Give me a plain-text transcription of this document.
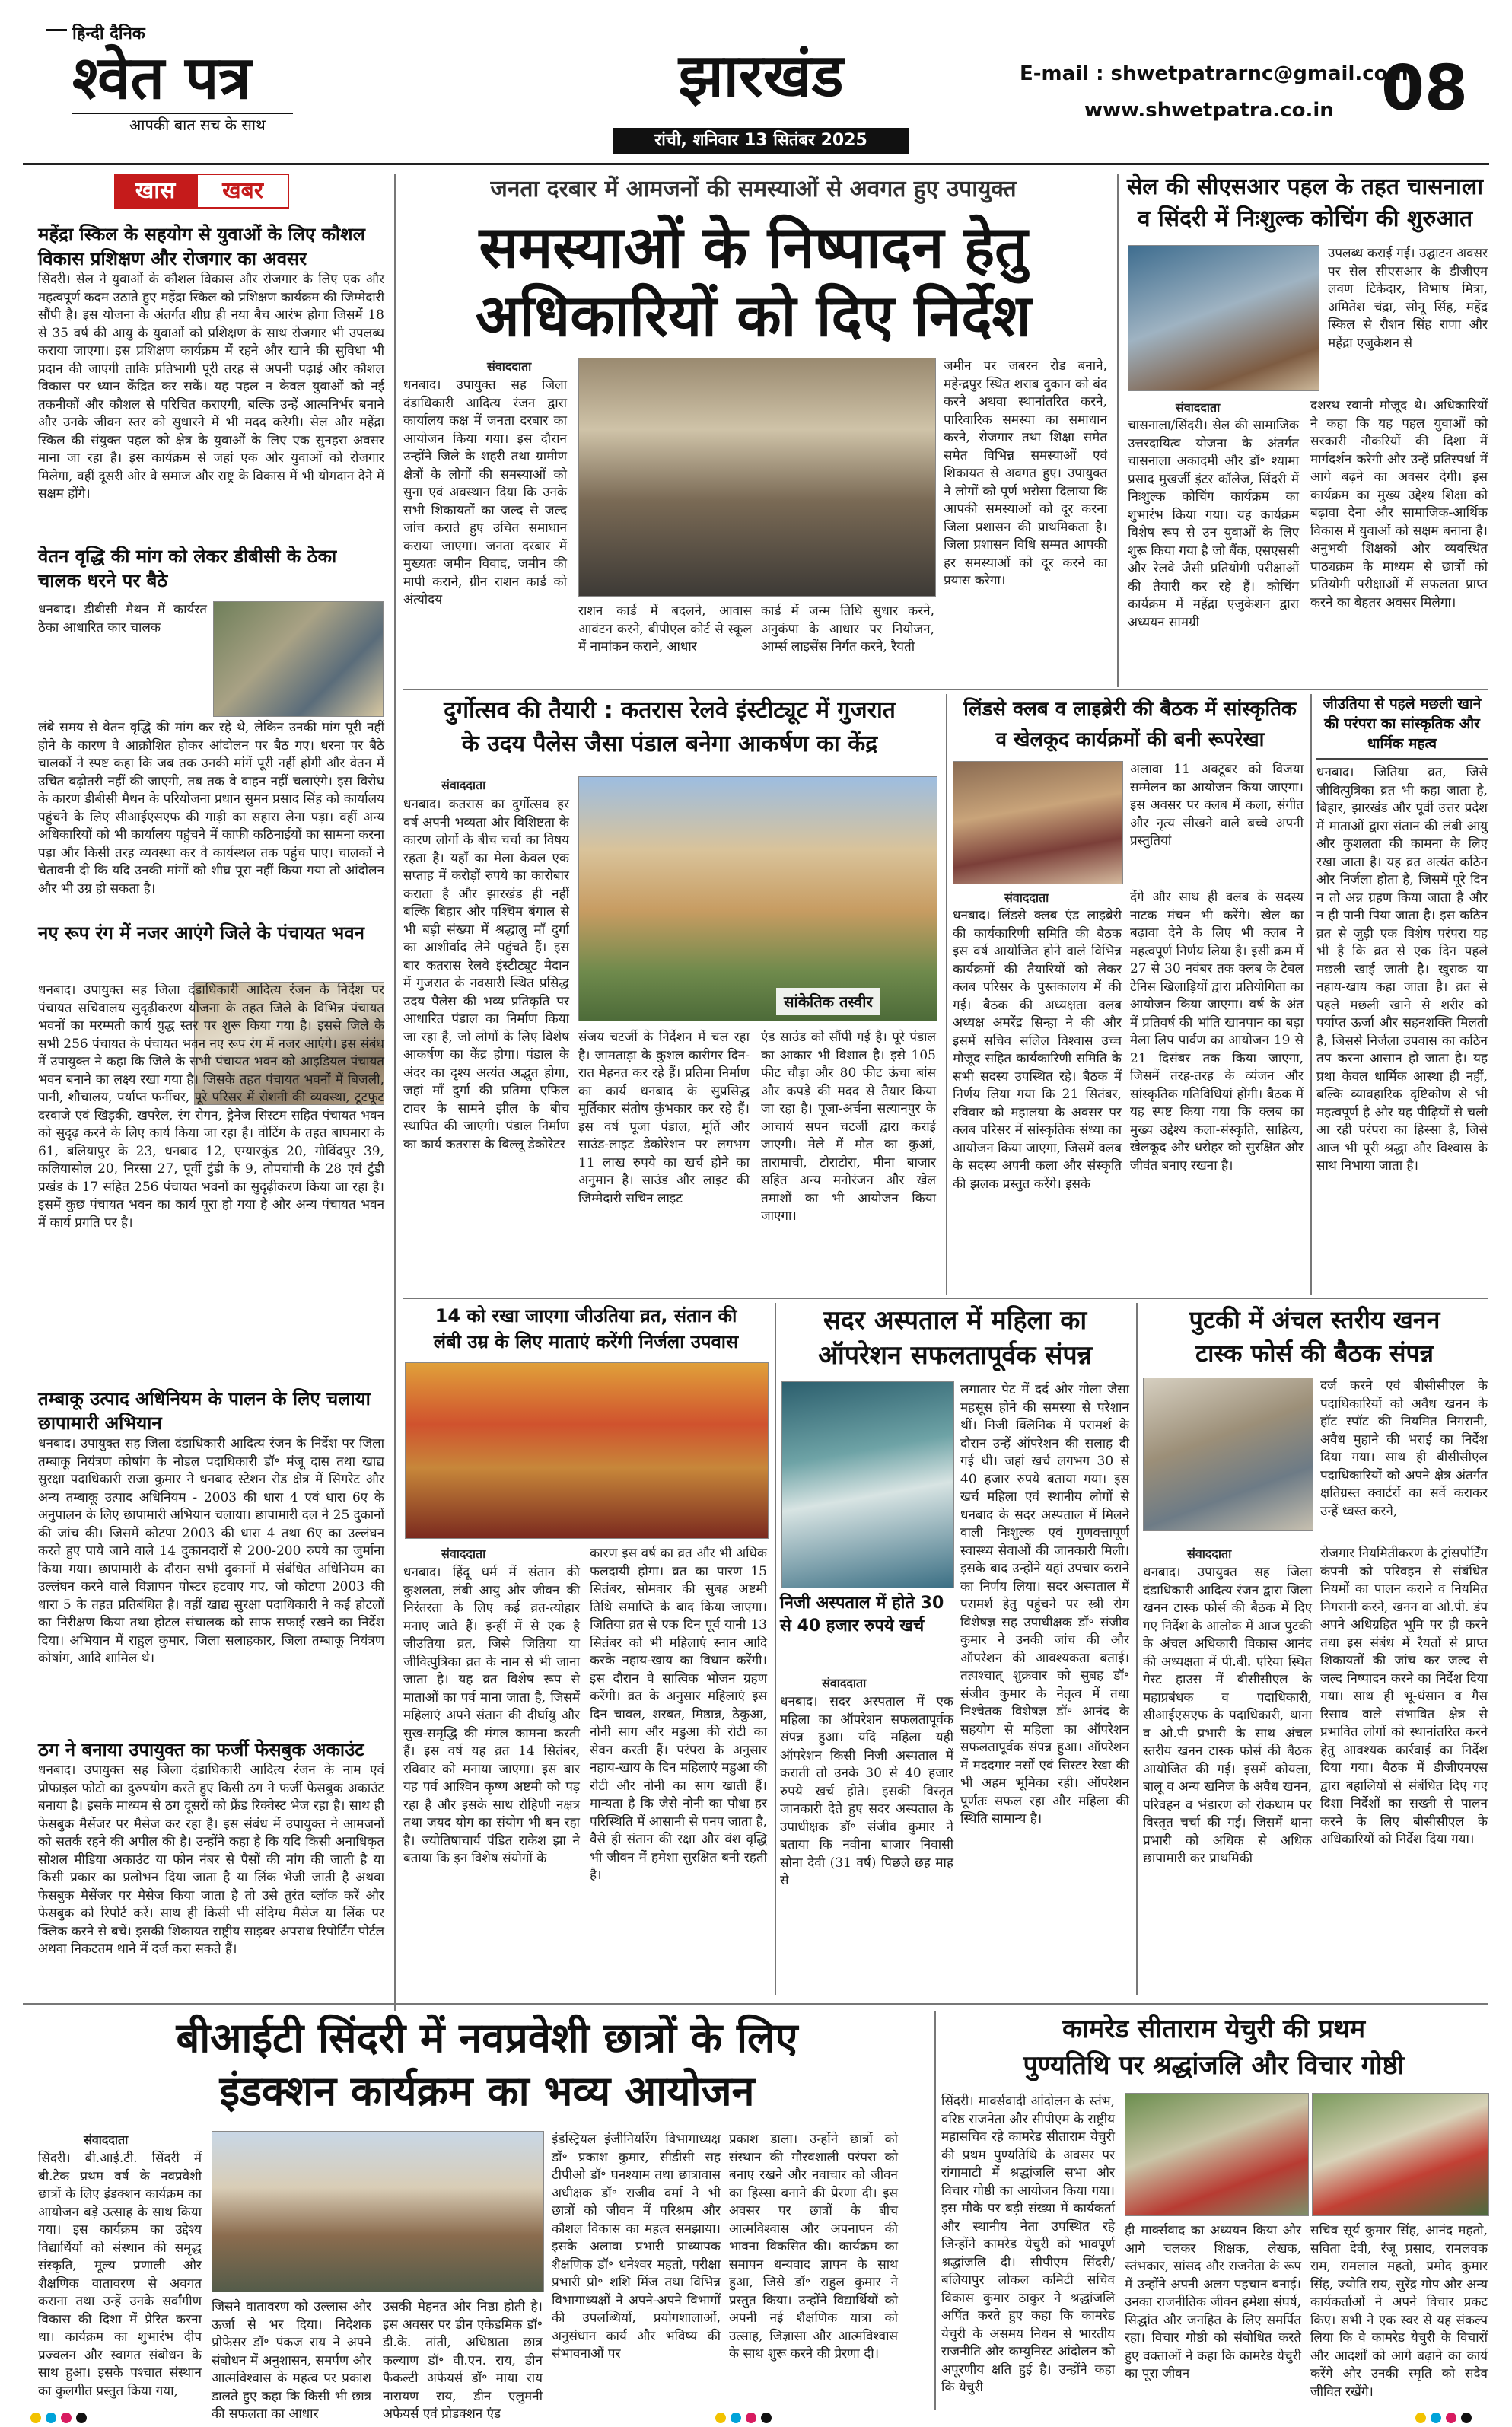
हिन्दी दैनिक
श्वेत पत्र
आपकी बात सच के साथ
झारखंड
रांची, शनिवार 13 सितंबर 2025
E-mail : shwetpatrarnc@gmail.com
www.shwetpatra.co.in 08
खास	खबर
महेंद्रा स्किल के सहयोग से युवाओं के लिए कौशल विकास प्रशिक्षण और रोजगार का अवसर
सिंदरी। सेल ने युवाओं के कौशल विकास और रोजगार के लिए एक और महत्वपूर्ण कदम उठाते हुए महेंद्रा स्किल को प्रशिक्षण कार्यक्रम की जिम्मेदारी सौंपी है। इस योजना के अंतर्गत शीघ्र ही नया बैच आरंभ होगा जिसमें 18 से 35 वर्ष की आयु के युवाओं को प्रशिक्षण के साथ रोजगार भी उपलब्ध कराया जाएगा। इस प्रशिक्षण कार्यक्रम में रहने और खाने की सुविधा भी प्रदान की जाएगी ताकि प्रतिभागी पूरी तरह से अपनी पढ़ाई और कौशल विकास पर ध्यान केंद्रित कर सकें। यह पहल न केवल युवाओं को नई तकनीकों और कौशल से परिचित कराएगी, बल्कि उन्हें आत्मनिर्भर बनाने और उनके जीवन स्तर को सुधारने में भी मदद करेगी। सेल और महेंद्रा स्किल की संयुक्त पहल को क्षेत्र के युवाओं के लिए एक सुनहरा अवसर माना जा रहा है। इस कार्यक्रम से जहां एक ओर युवाओं को रोजगार मिलेगा, वहीं दूसरी ओर वे समाज और राष्ट्र के विकास में भी योगदान देने में सक्षम होंगे।
वेतन वृद्धि की मांग को लेकर डीबीसी के ठेका चालक धरने पर बैठे
धनबाद। डीबीसी मैथन में कार्यरत ठेका आधारित कार चालक
लंबे समय से वेतन वृद्धि की मांग कर रहे थे, लेकिन उनकी मांग पूरी नहीं होने के कारण वे आक्रोशित होकर आंदोलन पर बैठ गए। धरना पर बैठे चालकों ने स्पष्ट कहा कि जब तक उनकी मांगें पूरी नहीं होंगी और वेतन में उचित बढ़ोतरी नहीं की जाएगी, तब तक वे वाहन नहीं चलाएंगे। इस विरोध के कारण डीबीसी मैथन के परियोजना प्रधान सुमन प्रसाद सिंह को कार्यालय पहुंचने के लिए सीआईएसएफ की गाड़ी का सहारा लेना पड़ा। वहीं अन्य अधिकारियों को भी कार्यालय पहुंचने में काफी कठिनाईयों का सामना करना पड़ा और किसी तरह व्यवस्था कर वे कार्यस्थल तक पहुंच पाए। चालकों ने चेतावनी दी कि यदि उनकी मांगों को शीघ्र पूरा नहीं किया गया तो आंदोलन और भी उग्र हो सकता है।
नए रूप रंग में नजर आएंगे जिले के पंचायत भवन
धनबाद। उपायुक्त सह जिला दंडाधिकारी आदित्य रंजन के निर्देश पर पंचायत सचिवालय सुदृढ़ीकरण योजना के तहत जिले के विभिन्न पंचायत भवनों का मरम्मती कार्य युद्ध स्तर पर शुरू किया गया है। इससे जिले के सभी 256 पंचायत के पंचायत भवन नए रूप रंग में नजर आएंगे। इस संबंध में उपायुक्त ने कहा कि जिले के सभी पंचायत भवन को आइडियल पंचायत भवन बनाने का लक्ष्य रखा गया है। जिसके तहत पंचायत भवनों में बिजली, पानी, शौचालय, पर्याप्त फर्नीचर, पूरे परिसर में रोशनी की व्यवस्था, टूटफूट दरवाजे एवं खिड़की, खपरैल, रंग रोगन, ड्रेनेज सिस्टम सहित पंचायत भवन को सुदृढ़ करने के लिए कार्य किया जा रहा है। वोटिंग के तहत बाघमारा के 61, बलियापुर के 23, धनबाद 12, एग्यारकुंड 20, गोविंदपुर 39, कलियासोल 20, निरसा 27, पूर्वी टुंडी के 9, तोपचांची के 28 एवं टुंडी प्रखंड के 17 सहित 256 पंचायत भवनों का सुदृढ़ीकरण किया जा रहा है। इसमें कुछ पंचायत भवन का कार्य पूरा हो गया है और अन्य पंचायत भवन में कार्य प्रगति पर है।
तम्बाकू उत्पाद अधिनियम के पालन के लिए चलाया छापामारी अभियान
धनबाद। उपायुक्त सह जिला दंडाधिकारी आदित्य रंजन के निर्देश पर जिला तम्बाकू नियंत्रण कोषांग के नोडल पदाधिकारी डॉ॰ मंजू दास तथा खाद्य सुरक्षा पदाधिकारी राजा कुमार ने धनबाद स्टेशन रोड क्षेत्र में सिगरेट और अन्य तम्बाकू उत्पाद अधिनियम - 2003 की धारा 4 एवं धारा 6ए के अनुपालन के लिए छापामारी अभियान चलाया। छापामारी दल ने 25 दुकानों की जांच की। जिसमें कोटपा 2003 की धारा 4 तथा 6ए का उल्लंघन करते हुए पाये जाने वाले 14 दुकानदारों से 200-200 रुपये का जुर्माना किया गया। छापामारी के दौरान सभी दुकानों में संबंधित अधिनियम का उल्लंघन करने वाले विज्ञापन पोस्टर हटवाए गए, जो कोटपा 2003 की धारा 5 के तहत प्रतिबंधित है। वहीं खाद्य सुरक्षा पदाधिकारी ने कई होटलों का निरीक्षण किया तथा होटल संचालक को साफ सफाई रखने का निर्देश दिया। अभियान में राहुल कुमार, जिला सलाहकार, जिला तम्बाकू नियंत्रण कोषांग, आदि शामिल थे।
ठग ने बनाया उपायुक्त का फर्जी फेसबुक अकाउंट
धनबाद। उपायुक्त सह जिला दंडाधिकारी आदित्य रंजन के नाम एवं प्रोफाइल फोटो का दुरुपयोग करते हुए किसी ठग ने फर्जी फेसबुक अकाउंट बनाया है। इसके माध्यम से ठग दूसरों को फ्रेंड रिक्वेस्ट भेज रहा है। साथ ही फेसबुक मैसेंजर पर मैसेज कर रहा है। इस संबंध में उपायुक्त ने आमजनों को सतर्क रहने की अपील की है। उन्होंने कहा है कि यदि किसी अनाधिकृत सोशल मीडिया अकाउंट या फोन नंबर से पैसों की मांग की जाती है या किसी प्रकार का प्रलोभन दिया जाता है या लिंक भेजी जाती है अथवा फेसबुक मैसेंजर पर मैसेज किया जाता है तो उसे तुरंत ब्लॉक करें और फेसबुक को रिपोर्ट करें। साथ ही किसी भी संदिग्ध मैसेज या लिंक पर क्लिक करने से बचें। इसकी शिकायत राष्ट्रीय साइबर अपराध रिपोर्टिंग पोर्टल अथवा निकटतम थाने में दर्ज करा सकते हैं।
जनता दरबार में आमजनों की समस्याओं से अवगत हुए उपायुक्त
समस्याओं के निष्पादन हेतु
अधिकारियों को दिए निर्देश
संवाददाता
धनबाद। उपायुक्त सह जिला दंडाधिकारी आदित्य रंजन द्वारा कार्यालय कक्ष में जनता दरबार का आयोजन किया गया। इस दौरान उन्होंने जिले के शहरी तथा ग्रामीण क्षेत्रों के लोगों की समस्याओं को सुना एवं अवस्थान दिया कि उनके सभी शिकायतों का जल्द से जल्द जांच कराते हुए उचित समाधान कराया जाएगा। जनता दरबार में मुख्यतः जमीन विवाद, जमीन की मापी कराने, ग्रीन राशन कार्ड को अंत्योदय
राशन कार्ड में बदलने, आवास आवंटन करने, बीपीएल कोर्ट से स्कूल में नामांकन कराने, आधार
कार्ड में जन्म तिथि सुधार करने, अनुकंपा के आधार पर नियोजन, आर्म्स लाइसेंस निर्गत करने, रैयती
जमीन पर जबरन रोड बनाने, महेन्द्रपुर स्थित शराब दुकान को बंद करने अथवा स्थानांतरित करने, पारिवारिक समस्या का समाधान करने, रोजगार तथा शिक्षा समेत समेत विभिन्न समस्याओं एवं शिकायत से अवगत हुए। उपायुक्त ने लोगों को पूर्ण भरोसा दिलाया कि आपकी समस्याओं को दूर करना जिला प्रशासन की प्राथमिकता है। जिला प्रशासन विधि सम्मत आपकी हर समस्याओं को दूर करने का प्रयास करेगा।
सेल की सीएसआर पहल के तहत चासनाला
व सिंदरी में निःशुल्क कोचिंग की शुरुआत
उपलब्ध कराई गई। उद्घाटन अवसर पर सेल सीएसआर के डीजीएम लवण टिकेदार, विभाष मित्रा, अमितेश चंद्रा, सोनू सिंह, महेंद्र स्किल से रौशन सिंह राणा और महेंद्रा एजुकेशन से
संवाददाता
चासनाला/सिंदरी। सेल की सामाजिक उत्तरदायित्व योजना के अंतर्गत चासनाला अकादमी और डॉ॰ श्यामा प्रसाद मुखर्जी इंटर कॉलेज, सिंदरी में निःशुल्क कोचिंग कार्यक्रम का शुभारंभ किया गया। यह कार्यक्रम विशेष रूप से उन युवाओं के लिए शुरू किया गया है जो बैंक, एसएससी और रेलवे जैसी प्रतियोगी परीक्षाओं की तैयारी कर रहे हैं। कोचिंग कार्यक्रम में महेंद्रा एजुकेशन द्वारा अध्ययन सामग्री
दशरथ रवानी मौजूद थे। अधिकारियों ने कहा कि यह पहल युवाओं को सरकारी नौकरियों की दिशा में मार्गदर्शन करेगी और उन्हें प्रतिस्पर्धा में आगे बढ़ने का अवसर देगी। इस कार्यक्रम का मुख्य उद्देश्य शिक्षा को बढ़ावा देना और सामाजिक-आर्थिक विकास में युवाओं को सक्षम बनाना है। अनुभवी शिक्षकों और व्यवस्थित पाठ्यक्रम के माध्यम से छात्रों को प्रतियोगी परीक्षाओं में सफलता प्राप्त करने का बेहतर अवसर मिलेगा।
दुर्गोत्सव की तैयारी : कतरास रेलवे इंस्टीट्यूट में गुजरात
के उदय पैलेस जैसा पंडाल बनेगा आकर्षण का केंद्र
संवाददाता
धनबाद। कतरास का दुर्गोत्सव हर वर्ष अपनी भव्यता और विशिष्टता के कारण लोगों के बीच चर्चा का विषय रहता है। यहाँ का मेला केवल एक सप्ताह में करोड़ों रुपये का कारोबार कराता है और झारखंड ही नहीं बल्कि बिहार और पश्चिम बंगाल से भी बड़ी संख्या में श्रद्धालु माँ दुर्गा का आशीर्वाद लेने पहुंचते हैं। इस बार कतरास रेलवे इंस्टीट्यूट मैदान में गुजरात के नवसारी स्थित प्रसिद्ध उदय पैलेस की भव्य प्रतिकृति पर आधारित पंडाल का निर्माण किया जा रहा है, जो लोगों के लिए विशेष आकर्षण का केंद्र होगा। पंडाल के अंदर का दृश्य अत्यंत अद्भुत होगा, जहां माँ दुर्गा की प्रतिमा एफिल टावर के सामने झील के बीच स्थापित की जाएगी। पंडाल निर्माण का कार्य कतरास के बिल्लू डेकोरेटर
सांकेतिक तस्वीर
संजय चटर्जी के निर्देशन में चल रहा है। जामताड़ा के कुशल कारीगर दिन-रात मेहनत कर रहे हैं। प्रतिमा निर्माण का कार्य धनबाद के सुप्रसिद्ध मूर्तिकार संतोष कुंभकार कर रहे हैं। इस वर्ष पूजा पंडाल, मूर्ति और साउंड-लाइट डेकोरेशन पर लगभग 11 लाख रुपये का खर्च होने का अनुमान है। साउंड और लाइट की जिम्मेदारी सचिन लाइट
एंड साउंड को सौंपी गई है। पूरे पंडाल का आकार भी विशाल है। इसे 105 फीट चौड़ा और 80 फीट ऊंचा बांस और कपड़े की मदद से तैयार किया जा रहा है। पूजा-अर्चना सत्यानपुर के आचार्य सपन चटर्जी द्वारा कराई जाएगी। मेले में मौत का कुआं, तारामाची, टोराटोरा, मीना बाजार सहित अन्य मनोरंजन और खेल तमाशों का भी आयोजन किया जाएगा।
लिंडसे क्लब व लाइब्रेरी की बैठक में सांस्कृतिक
व खेलकूद कार्यक्रमों की बनी रूपरेखा
अलावा 11 अक्टूबर को विजया सम्मेलन का आयोजन किया जाएगा। इस अवसर पर क्लब में कला, संगीत और नृत्य सीखने वाले बच्चे अपनी प्रस्तुतियां
संवाददाता
धनबाद। लिंडसे क्लब एंड लाइब्रेरी की कार्यकारिणी समिति की बैठक इस वर्ष आयोजित होने वाले विभिन्न कार्यक्रमों की तैयारियों को लेकर क्लब परिसर के पुस्तकालय में की गई। बैठक की अध्यक्षता क्लब अध्यक्ष अमरेंद्र सिन्हा ने की और इसमें सचिव सलिल विश्वास उच्च मौजूद सहित कार्यकारिणी समिति के सभी सदस्य उपस्थित रहे। बैठक में निर्णय लिया गया कि 21 सितंबर, रविवार को महालया के अवसर पर क्लब परिसर में सांस्कृतिक संध्या का आयोजन किया जाएगा, जिसमें क्लब के सदस्य अपनी कला और संस्कृति की झलक प्रस्तुत करेंगे। इसके
देंगे और साथ ही क्लब के सदस्य नाटक मंचन भी करेंगे। खेल का बढ़ावा देने के लिए भी क्लब ने महत्वपूर्ण निर्णय लिया है। इसी क्रम में 27 से 30 नवंबर तक क्लब के टेबल टेनिस खिलाड़ियों द्वारा प्रतियोगिता का आयोजन किया जाएगा। वर्ष के अंत में प्रतिवर्ष की भांति खानपान का बड़ा मेला लिप पार्वण का आयोजन 19 से 21 दिसंबर तक किया जाएगा, जिसमें तरह-तरह के व्यंजन और सांस्कृतिक गतिविधियां होंगी। बैठक में यह स्पष्ट किया गया कि क्लब का मुख्य उद्देश्य कला-संस्कृति, साहित्य, खेलकूद और धरोहर को सुरक्षित और जीवंत बनाए रखना है।
जीउतिया से पहले मछली खाने की परंपरा का सांस्कृतिक और धार्मिक महत्व
धनबाद। जितिया व्रत, जिसे जीवित्पुत्रिका व्रत भी कहा जाता है, बिहार, झारखंड और पूर्वी उत्तर प्रदेश में माताओं द्वारा संतान की लंबी आयु और कुशलता की कामना के लिए रखा जाता है। यह व्रत अत्यंत कठिन और निर्जला होता है, जिसमें पूरे दिन न तो अन्न ग्रहण किया जाता है और न ही पानी पिया जाता है। इस कठिन व्रत से जुड़ी एक विशेष परंपरा यह भी है कि व्रत से एक दिन पहले मछली खाई जाती है। खुराक या नहाय-खाय कहा जाता है। व्रत से पहले मछली खाने से शरीर को पर्याप्त ऊर्जा और सहनशक्ति मिलती है, जिससे निर्जला उपवास का कठिन तप करना आसान हो जाता है। यह प्रथा केवल धार्मिक आस्था ही नहीं, बल्कि व्यावहारिक दृष्टिकोण से भी महत्वपूर्ण है और यह पीढ़ियों से चली आ रही परंपरा का हिस्सा है, जिसे आज भी पूरी श्रद्धा और विश्वास के साथ निभाया जाता है।
14 को रखा जाएगा जीउतिया व्रत, संतान की
लंबी उम्र के लिए माताएं करेंगी निर्जला उपवास
संवाददाता
धनबाद। हिंदू धर्म में संतान की कुशलता, लंबी आयु और जीवन की निरंतरता के लिए कई व्रत-त्योहार मनाए जाते हैं। इन्हीं में से एक है जीउतिया व्रत, जिसे जितिया या जीवित्पुत्रिका व्रत के नाम से भी जाना जाता है। यह व्रत विशेष रूप से माताओं का पर्व माना जाता है, जिसमें महिलाएं अपने संतान की दीर्घायु और सुख-समृद्धि की मंगल कामना करती हैं। इस वर्ष यह व्रत 14 सितंबर, रविवार को मनाया जाएगा। इस बार यह पर्व आश्विन कृष्ण अष्टमी को पड़ रहा है और इसके साथ रोहिणी नक्षत्र तथा जयद योग का संयोग भी बन रहा है। ज्योतिषाचार्य पंडित राकेश झा ने बताया कि इन विशेष संयोगों के
कारण इस वर्ष का व्रत और भी अधिक फलदायी होगा। व्रत का पारण 15 सितंबर, सोमवार की सुबह अष्टमी तिथि समाप्ति के बाद किया जाएगा। जितिया व्रत से एक दिन पूर्व यानी 13 सितंबर को भी महिलाएं स्नान आदि करके नहाय-खाय का विधान करेंगी। इस दौरान वे सात्विक भोजन ग्रहण करेंगी। व्रत के अनुसार महिलाएं इस दिन चावल, शरबत, मिष्ठान्न, ठेकुआ, नोनी साग और मडुआ की रोटी का सेवन करती हैं। परंपरा के अनुसार नहाय-खाय के दिन महिलाएं मडुआ की रोटी और नोनी का साग खाती हैं। मान्यता है कि जैसे नोनी का पौधा हर परिस्थिति में आसानी से पनप जाता है, वैसे ही संतान की रक्षा और वंश वृद्धि भी जीवन में हमेशा सुरक्षित बनी रहती है।
सदर अस्पताल में महिला का
ऑपरेशन सफलतापूर्वक संपन्न
निजी अस्पताल में होते 30 से 40 हजार रुपये खर्च
संवाददाता
धनबाद। सदर अस्पताल में एक महिला का ऑपरेशन सफलतापूर्वक संपन्न हुआ। यदि महिला यही ऑपरेशन किसी निजी अस्पताल में कराती तो उनके 30 से 40 हजार रुपये खर्च होते। इसकी विस्तृत जानकारी देते हुए सदर अस्पताल के उपाधीक्षक डॉ॰ संजीव कुमार ने बताया कि नवीना बाजार निवासी सोना देवी (31 वर्ष) पिछले छह माह से
लगातार पेट में दर्द और गोला जैसा महसूस होने की समस्या से परेशान थीं। निजी क्लिनिक में परामर्श के दौरान उन्हें ऑपरेशन की सलाह दी गई थी। जहां खर्च लगभग 30 से 40 हजार रुपये बताया गया। इस खर्च महिला एवं स्थानीय लोगों से धनबाद के सदर अस्पताल में मिलने वाली निःशुल्क एवं गुणवत्तापूर्ण स्वास्थ्य सेवाओं की जानकारी मिली। इसके बाद उन्होंने यहां उपचार कराने का निर्णय लिया। सदर अस्पताल में परामर्श हेतु पहुंचने पर स्त्री रोग विशेषज्ञ सह उपाधीक्षक डॉ॰ संजीव कुमार ने उनकी जांच की और ऑपरेशन की आवश्यकता बताई। तत्पश्चात् शुक्रवार को सुबह डॉ॰ संजीव कुमार के नेतृत्व में तथा निश्चेतक विशेषज्ञ डॉ॰ आनंद के सहयोग से महिला का ऑपरेशन सफलतापूर्वक संपन्न हुआ। ऑपरेशन में मददगार नर्सों एवं सिस्टर रेखा की भी अहम भूमिका रही। ऑपरेशन पूर्णतः सफल रहा और महिला की स्थिति सामान्य है।
पुटकी में अंचल स्तरीय खनन
टास्क फोर्स की बैठक संपन्न
दर्ज करने एवं बीसीसीएल के पदाधिकारियों को अवैध खनन के हॉट स्पॉट की नियमित निगरानी, अवैध मुहाने की भराई का निर्देश दिया गया। साथ ही बीसीसीएल पदाधिकारियों को अपने क्षेत्र अंतर्गत क्षतिग्रस्त क्वार्टरों का सर्वे कराकर उन्हें ध्वस्त करने,
संवाददाता
धनबाद। उपायुक्त सह जिला दंडाधिकारी आदित्य रंजन द्वारा जिला खनन टास्क फोर्स की बैठक में दिए गए निर्देश के आलोक में आज पुटकी के अंचल अधिकारी विकास आनंद की अध्यक्षता में पी.बी. एरिया स्थित गेस्ट हाउस में बीसीसीएल के महाप्रबंधक व पदाधिकारी, सीआईएसएफ के पदाधिकारी, थाना व ओ.पी प्रभारी के साथ अंचल स्तरीय खनन टास्क फोर्स की बैठक आयोजित की गई। इसमें कोयला, बालू व अन्य खनिज के अवैध खनन, परिवहन व भंडारण को रोकथाम पर विस्तृत चर्चा की गई। जिसमें थाना प्रभारी को अधिक से अधिक छापामारी कर प्राथमिकी
रोजगार नियमितीकरण के ट्रांसपोर्टिंग कंपनी को परिवहन से संबंधित नियमों का पालन कराने व नियमित निगरानी करने, खनन वा ओ.पी. डंप अपने अधिग्रहित भूमि पर ही करने तथा इस संबंध में रैयतों से प्राप्त शिकायतों की जांच कर जल्द से जल्द निष्पादन करने का निर्देश दिया गया। साथ ही भू-धंसान व गैस रिसाव वाले संभावित क्षेत्र से प्रभावित लोगों को स्थानांतरित करने हेतु आवश्यक कार्रवाई का निर्देश दिया गया। बैठक में डीजीएमएस द्वारा बहालियों से संबंधित दिए गए दिशा निर्देशों का सख्ती से पालन करने के लिए बीसीसीएल के अधिकारियों को निर्देश दिया गया।
बीआईटी सिंदरी में नवप्रवेशी छात्रों के लिए
इंडक्शन कार्यक्रम का भव्य आयोजन
संवाददाता
सिंदरी। बी.आई.टी. सिंदरी में बी.टेक प्रथम वर्ष के नवप्रवेशी छात्रों के लिए इंडक्शन कार्यक्रम का आयोजन बड़े उत्साह के साथ किया गया। इस कार्यक्रम का उद्देश्य विद्यार्थियों को संस्थान की समृद्ध संस्कृति, मूल्य प्रणाली और शैक्षणिक वातावरण से अवगत कराना तथा उन्हें उनके सर्वांगीण विकास की दिशा में प्रेरित करना था। कार्यक्रम का शुभारंभ दीप प्रज्वलन और स्वागत संबोधन के साथ हुआ। इसके पश्चात संस्थान का कुलगीत प्रस्तुत किया गया,
जिसने वातावरण को उल्लास और ऊर्जा से भर दिया। निदेशक प्रोफेसर डॉ॰ पंकज राय ने अपने संबोधन में अनुशासन, समर्पण और आत्मविश्वास के महत्व पर प्रकाश डालते हुए कहा कि किसी भी छात्र की सफलता का आधार
उसकी मेहनत और निष्ठा होती है। इस अवसर पर डीन एकेडमिक डॉ॰ डी.के. तांती, अधिष्ठाता छात्र कल्याण डॉ॰ वी.एन. राय, डीन फैकल्टी अफेयर्स डॉ॰ माया राय नारायण राय, डीन एलुमनी अफेयर्स एवं प्रोडक्शन एंड
इंडस्ट्रियल इंजीनियरिंग विभागाध्यक्ष डॉ॰ प्रकाश कुमार, सीडीसी सह टीपीओ डॉ॰ घनश्याम तथा छात्रावास अधीक्षक डॉ॰ राजीव वर्मा ने भी छात्रों को जीवन में परिश्रम और कौशल विकास का महत्व समझाया। इसके अलावा प्रभारी प्राध्यापक शैक्षणिक डॉ॰ धनेश्वर महतो, परीक्षा प्रभारी प्रो॰ शशि मिंज तथा विभिन्न विभागाध्यक्षों ने अपने-अपने विभागों की उपलब्धियों, प्रयोगशालाओं, अनुसंधान कार्य और भविष्य की संभावनाओं पर
प्रकाश डाला। उन्होंने छात्रों को संस्थान की गौरवशाली परंपरा को बनाए रखने और नवाचार को जीवन का हिस्सा बनाने की प्रेरणा दी। इस अवसर पर छात्रों के बीच आत्मविश्वास और अपनापन की भावना विकसित की। कार्यक्रम का समापन धन्यवाद ज्ञापन के साथ हुआ, जिसे डॉ॰ राहुल कुमार ने प्रस्तुत किया। उन्होंने विद्यार्थियों को अपनी नई शैक्षणिक यात्रा को उत्साह, जिज्ञासा और आत्मविश्वास के साथ शुरू करने की प्रेरणा दी।
कामरेड सीताराम येचुरी की प्रथम
पुण्यतिथि पर श्रद्धांजलि और विचार गोष्ठी
सिंदरी। मार्क्सवादी आंदोलन के स्तंभ, वरिष्ठ राजनेता और सीपीएम के राष्ट्रीय महासचिव रहे कामरेड सीताराम येचुरी की प्रथम पुण्यतिथि के अवसर पर रांगामाटी में श्रद्धांजलि सभा और विचार गोष्ठी का आयोजन किया गया। इस मौके पर बड़ी संख्या में कार्यकर्ता और स्थानीय नेता उपस्थित रहे जिन्होंने कामरेड येचुरी को भावपूर्ण श्रद्धांजलि दी। सीपीएम सिंदरी/बलियापुर लोकल कमिटी सचिव विकास कुमार ठाकुर ने श्रद्धांजलि अर्पित करते हुए कहा कि कामरेड येचुरी के असमय निधन से भारतीय राजनीति और कम्युनिस्ट आंदोलन को अपूरणीय क्षति हुई है। उन्होंने कहा कि येचुरी
ही मार्क्सवाद का अध्ययन किया और आगे चलकर शिक्षक, लेखक, स्तंभकार, सांसद और राजनेता के रूप में उन्होंने अपनी अलग पहचान बनाई। उनका राजनीतिक जीवन हमेशा संघर्ष, सिद्धांत और जनहित के लिए समर्पित रहा। विचार गोष्ठी को संबोधित करते हुए वक्ताओं ने कहा कि कामरेड येचुरी का पूरा जीवन
सचिव सूर्य कुमार सिंह, आनंद महतो, सविता देवी, रंजू प्रसाद, रामलवक राम, रामलाल महतो, प्रमोद कुमार सिंह, ज्योति राय, सुरेंद्र गोप और अन्य कार्यकर्ताओं ने अपने विचार प्रकट किए। सभी ने एक स्वर से यह संकल्प लिया कि वे कामरेड येचुरी के विचारों और आदर्शों को आगे बढ़ाने का कार्य करेंगे और उनकी स्मृति को सदैव जीवित रखेंगे।
